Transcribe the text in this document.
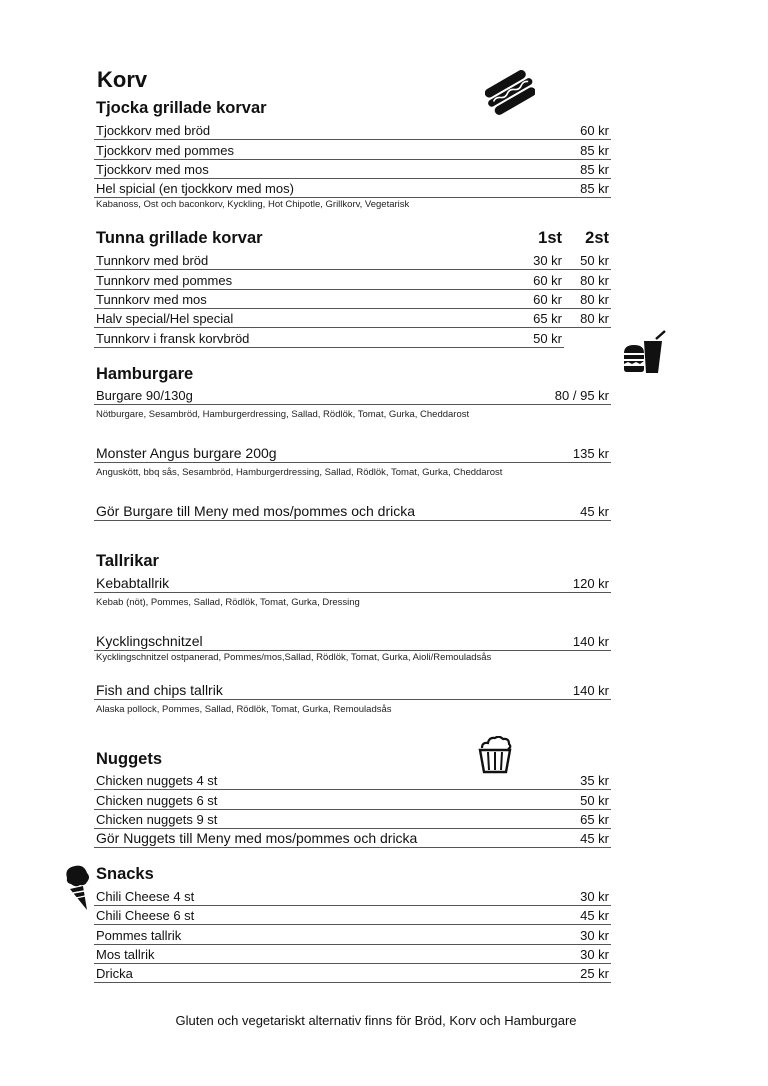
Korv
Tjocka grillade korvar
Tjockkorv med bröd	60 kr
Tjockkorv med pommes	85 kr
Tjockkorv med mos	85 kr
Hel spicial (en tjockkorv med mos)	85 kr
Kabanoss, Ost och baconkorv, Kyckling, Hot Chipotle, Grillkorv, Vegetarisk
Tunna grillade korvar	1st 2st
Tunnkorv med bröd	30 kr 50 kr
Tunnkorv med pommes	60 kr 80 kr
Tunnkorv med mos	60 kr 80 kr
Halv special/Hel special	65 kr 80 kr
Tunnkorv i fransk korvbröd	50 kr
Hamburgare
Burgare 90/130g	80 / 95 kr
Nötburgare, Sesambröd, Hamburgerdressing, Sallad, Rödlök, Tomat, Gurka, Cheddarost
Monster Angus burgare 200g	135 kr
Anguskött, bbq sås, Sesambröd, Hamburgerdressing, Sallad, Rödlök, Tomat, Gurka, Cheddarost
Gör Burgare till Meny med mos/pommes och dricka	45 kr
Tallrikar
Kebabtallrik	120 kr
Kebab (nöt), Pommes, Sallad, Rödlök, Tomat, Gurka, Dressing
Kycklingschnitzel	140 kr
Kycklingschnitzel ostpanerad, Pommes/mos,Sallad, Rödlök, Tomat, Gurka, Aioli/Remouladsås
Fish and chips tallrik	140 kr
Alaska pollock, Pommes, Sallad, Rödlök, Tomat, Gurka, Remouladsås
Nuggets
Chicken nuggets 4 st	35 kr
Chicken nuggets 6 st	50 kr
Chicken nuggets 9 st	65 kr
Gör Nuggets till Meny med mos/pommes och dricka	45 kr
Snacks
Chili Cheese 4 st	30 kr
Chili Cheese 6 st	45 kr
Pommes tallrik	30 kr
Mos tallrik	30 kr
Dricka	25 kr
Gluten och vegetariskt alternativ finns för Bröd, Korv och Hamburgare
